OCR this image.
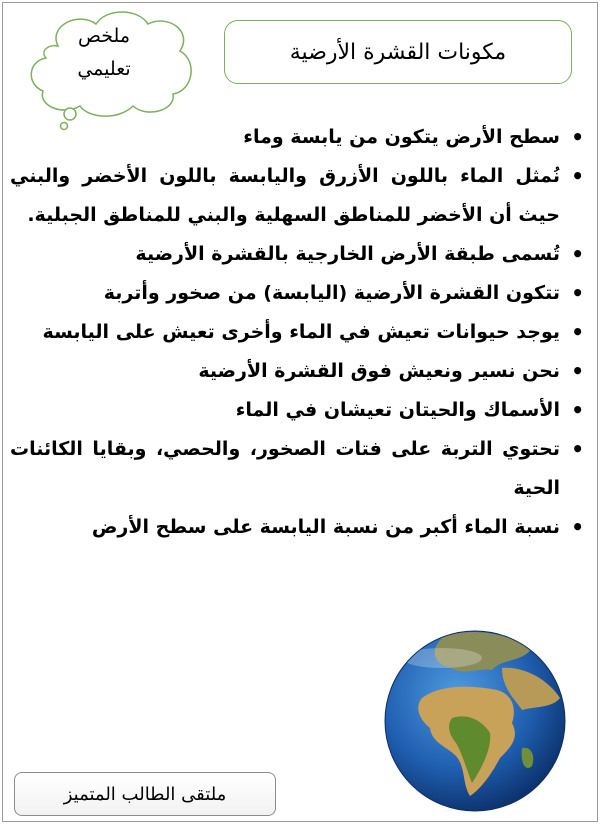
مكونات القشرة الأرضية
ملخص
تعليمي
• سطح الأرض يتكون من يابسة وماء
• نُمثل الماء باللون الأزرق واليابسة باللون الأخضر والبني حيث أن الأخضر للمناطق السهلية والبني للمناطق الجبلية.
• تُسمى طبقة الأرض الخارجية بالقشرة الأرضية
• تتكون القشرة الأرضية (اليابسة) من صخور وأتربة
• يوجد حيوانات تعيش في الماء وأخرى تعيش على اليابسة
• نحن نسير ونعيش فوق القشرة الأرضية
• الأسماك والحيتان تعيشان في الماء
• تحتوي التربة على فتات الصخور، والحصي، وبقايا الكائنات الحية
• نسبة الماء أكبر من نسبة اليابسة على سطح الأرض
ملتقى الطالب المتميز
